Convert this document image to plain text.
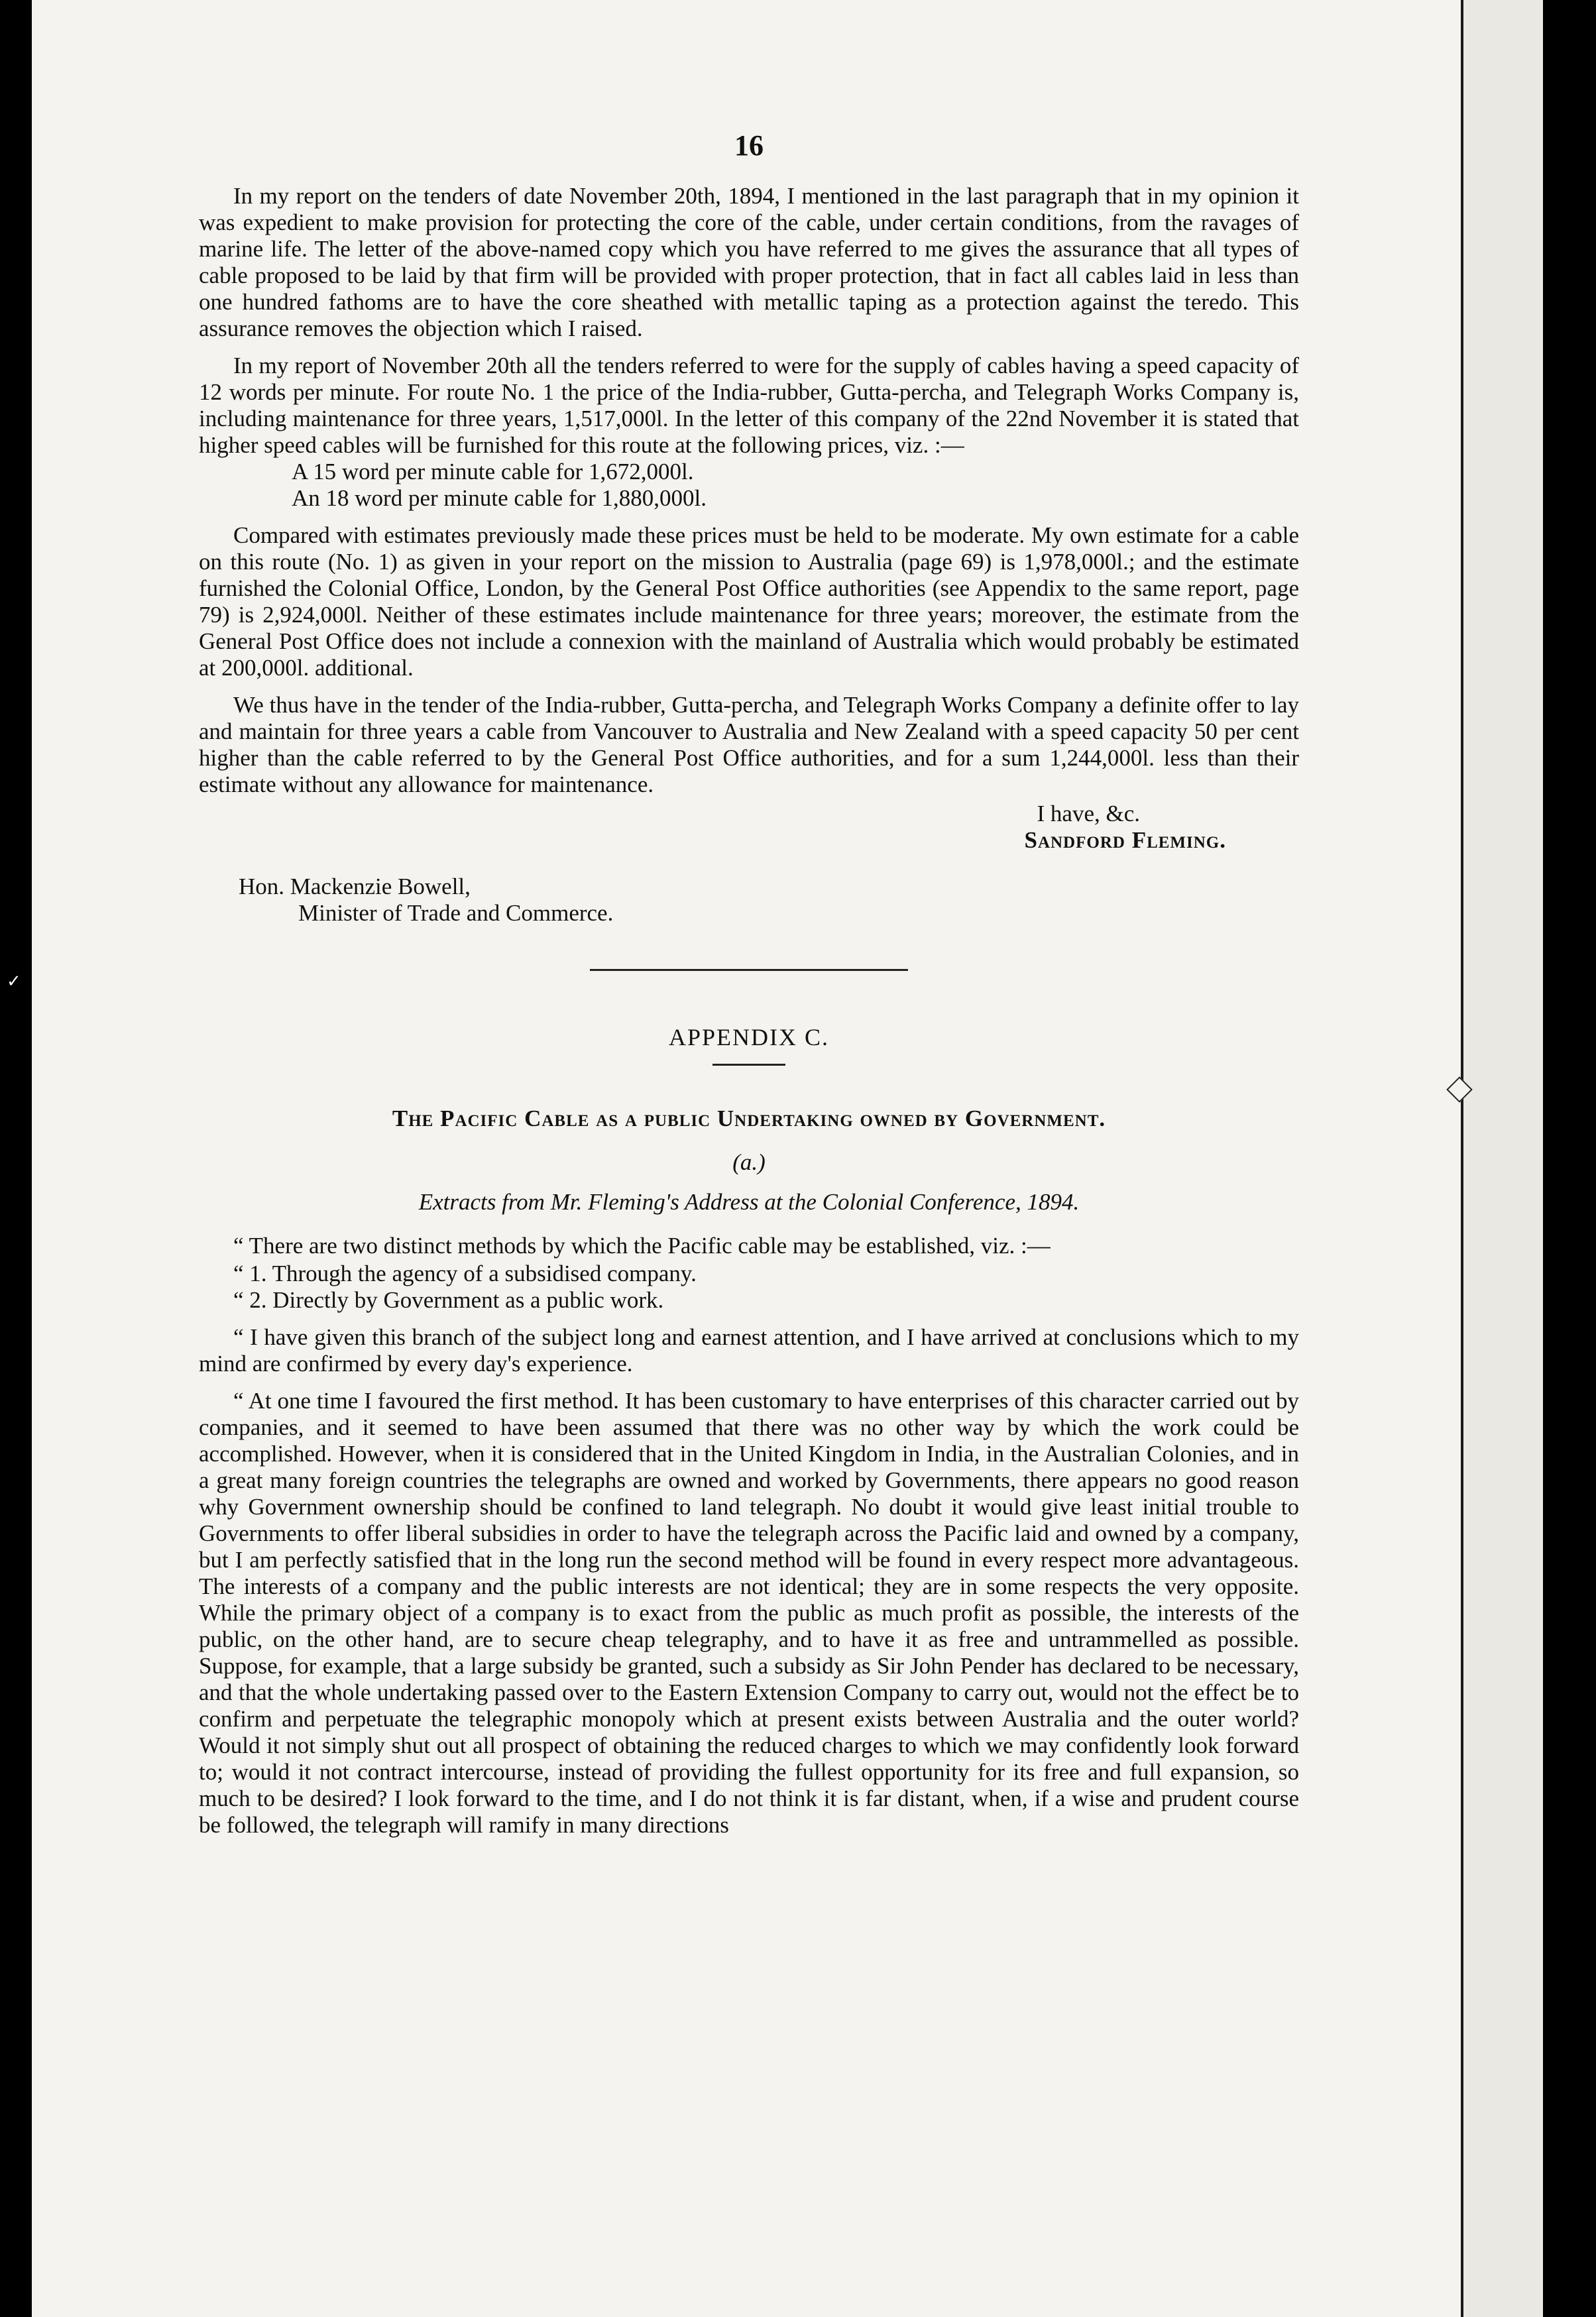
✓
16

In my report on the tenders of date November 20th, 1894, I mentioned in the last paragraph that in my opinion it was expedient to make provision for protecting the core of the cable, under certain conditions, from the ravages of marine life. The letter of the above-named copy which you have referred to me gives the assurance that all types of cable proposed to be laid by that firm will be provided with proper protection, that in fact all cables laid in less than one hundred fathoms are to have the core sheathed with metallic taping as a protection against the teredo. This assurance removes the objection which I raised.

In my report of November 20th all the tenders referred to were for the supply of cables having a speed capacity of 12 words per minute. For route No. 1 the price of the India-rubber, Gutta-percha, and Telegraph Works Company is, including maintenance for three years, 1,517,000l. In the letter of this company of the 22nd November it is stated that higher speed cables will be furnished for this route at the following prices, viz. :—

A 15 word per minute cable for 1,672,000l.
An 18 word per minute cable for 1,880,000l.

Compared with estimates previously made these prices must be held to be moderate. My own estimate for a cable on this route (No. 1) as given in your report on the mission to Australia (page 69) is 1,978,000l.; and the estimate furnished the Colonial Office, London, by the General Post Office authorities (see Appendix to the same report, page 79) is 2,924,000l. Neither of these estimates include maintenance for three years; moreover, the estimate from the General Post Office does not include a connexion with the mainland of Australia which would probably be estimated at 200,000l. additional.

We thus have in the tender of the India-rubber, Gutta-percha, and Telegraph Works Company a definite offer to lay and maintain for three years a cable from Vancouver to Australia and New Zealand with a speed capacity 50 per cent higher than the cable referred to by the General Post Office authorities, and for a sum 1,244,000l. less than their estimate without any allowance for maintenance.

I have, &c.
Sandford Fleming.
Hon. Mackenzie Bowell,
Minister of Trade and Commerce.
APPENDIX C.
The Pacific Cable as a public Undertaking owned by Government.
(a.)
Extracts from Mr. Fleming's Address at the Colonial Conference, 1894.

“ There are two distinct methods by which the Pacific cable may be established, viz. :—

“ 1. Through the agency of a subsidised company.
“ 2. Directly by Government as a public work.

“ I have given this branch of the subject long and earnest attention, and I have arrived at conclusions which to my mind are confirmed by every day's experience.

“ At one time I favoured the first method. It has been customary to have enterprises of this character carried out by companies, and it seemed to have been assumed that there was no other way by which the work could be accomplished. However, when it is considered that in the United Kingdom in India, in the Australian Colonies, and in a great many foreign countries the telegraphs are owned and worked by Governments, there appears no good reason why Government ownership should be confined to land telegraph. No doubt it would give least initial trouble to Governments to offer liberal subsidies in order to have the telegraph across the Pacific laid and owned by a company, but I am perfectly satisfied that in the long run the second method will be found in every respect more advantageous. The interests of a company and the public interests are not identical; they are in some respects the very opposite. While the primary object of a company is to exact from the public as much profit as possible, the interests of the public, on the other hand, are to secure cheap telegraphy, and to have it as free and untrammelled as possible. Suppose, for example, that a large subsidy be granted, such a subsidy as Sir John Pender has declared to be necessary, and that the whole undertaking passed over to the Eastern Extension Company to carry out, would not the effect be to confirm and perpetuate the telegraphic monopoly which at present exists between Australia and the outer world? Would it not simply shut out all prospect of obtaining the reduced charges to which we may confidently look forward to; would it not contract intercourse, instead of providing the fullest opportunity for its free and full expansion, so much to be desired? I look forward to the time, and I do not think it is far distant, when, if a wise and prudent course be followed, the telegraph will ramify in many directions
